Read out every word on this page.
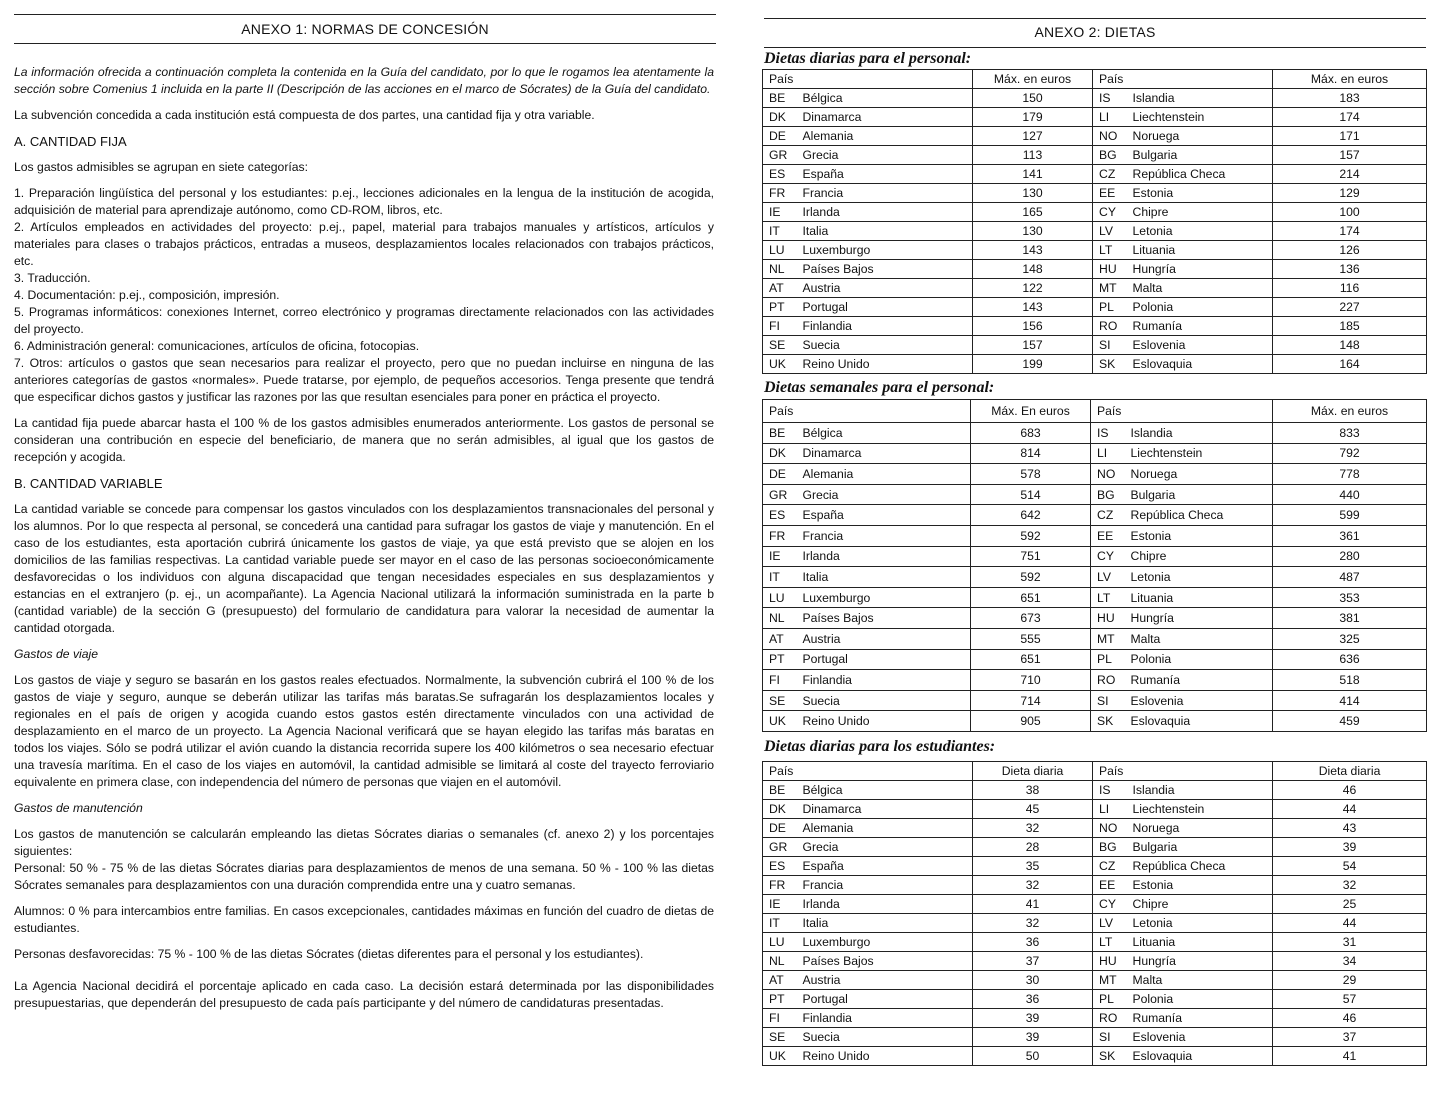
ANEXO 1: NORMAS DE CONCESIÓN

La información ofrecida a continuación completa la contenida en la Guía del candidato, por lo que le rogamos lea atentamente la sección sobre Comenius 1 incluida en la parte II (Descripción de las acciones en el marco de Sócrates) de la Guía del candidato.

La subvención concedida a cada institución está compuesta de dos partes, una cantidad fija y otra variable.

A. CANTIDAD FIJA

Los gastos admisibles se agrupan en siete categorías:

1. Preparación lingüística del personal y los estudiantes: p.ej., lecciones adicionales en la lengua de la institución de acogida, adquisición de material para aprendizaje autónomo, como CD-ROM, libros, etc.

2. Artículos empleados en actividades del proyecto: p.ej., papel, material para trabajos manuales y artísticos, artículos y materiales para clases o trabajos prácticos, entradas a museos, desplazamientos locales relacionados con trabajos prácticos, etc.

3. Traducción.

4. Documentación: p.ej., composición, impresión.

5. Programas informáticos: conexiones Internet, correo electrónico y programas directamente relacionados con las actividades del proyecto.

6. Administración general: comunicaciones, artículos de oficina, fotocopias.

7. Otros: artículos o gastos que sean necesarios para realizar el proyecto, pero que no puedan incluirse en ninguna de las anteriores categorías de gastos «normales». Puede tratarse, por ejemplo, de pequeños accesorios. Tenga presente que tendrá que especificar dichos gastos y justificar las razones por las que resultan esenciales para poner en práctica el proyecto.

La cantidad fija puede abarcar hasta el 100 % de los gastos admisibles enumerados anteriormente. Los gastos de personal se consideran una contribución en especie del beneficiario, de manera que no serán admisibles, al igual que los gastos de recepción y acogida.

B. CANTIDAD VARIABLE

La cantidad variable se concede para compensar los gastos vinculados con los desplazamientos transnacionales del personal y los alumnos. Por lo que respecta al personal, se concederá una cantidad para sufragar los gastos de viaje y manutención. En el caso de los estudiantes, esta aportación cubrirá únicamente los gastos de viaje, ya que está previsto que se alojen en los domicilios de las familias respectivas. La cantidad variable puede ser mayor en el caso de las personas socioeconómicamente desfavorecidas o los individuos con alguna discapacidad que tengan necesidades especiales en sus desplazamientos y estancias en el extranjero (p. ej., un acompañante). La Agencia Nacional utilizará la información suministrada en la parte b (cantidad variable) de la sección G (presupuesto) del formulario de candidatura para valorar la necesidad de aumentar la cantidad otorgada.

Gastos de viaje

Los gastos de viaje y seguro se basarán en los gastos reales efectuados. Normalmente, la subvención cubrirá el 100 % de los gastos de viaje y seguro, aunque se deberán utilizar las tarifas más baratas.Se sufragarán los desplazamientos locales y regionales en el país de origen y acogida cuando estos gastos estén directamente vinculados con una actividad de desplazamiento en el marco de un proyecto. La Agencia Nacional verificará que se hayan elegido las tarifas más baratas en todos los viajes. Sólo se podrá utilizar el avión cuando la distancia recorrida supere los 400 kilómetros o sea necesario efectuar una travesía marítima. En el caso de los viajes en automóvil, la cantidad admisible se limitará al coste del trayecto ferroviario equivalente en primera clase, con independencia del número de personas que viajen en el automóvil.

Gastos de manutención

Los gastos de manutención se calcularán empleando las dietas Sócrates diarias o semanales (cf. anexo 2) y los porcentajes siguientes:

Personal: 50 % - 75 % de las dietas Sócrates diarias para desplazamientos de menos de una semana. 50 % - 100 % las dietas Sócrates semanales para desplazamientos con una duración comprendida entre una y cuatro semanas.

Alumnos: 0 % para intercambios entre familias. En casos excepcionales, cantidades máximas en función del cuadro de dietas de estudiantes.

Personas desfavorecidas: 75 % - 100 % de las dietas Sócrates (dietas diferentes para el personal y los estudiantes).

La Agencia Nacional decidirá el porcentaje aplicado en cada caso. La decisión estará determinada por las disponibilidades presupuestarias, que dependerán del presupuesto de cada país participante y del número de candidaturas presentadas.

ANEXO 2: DIETAS
Dietas diarias para el personal:
País		Máx. en euros	País		Máx. en euros
BE	Bélgica	150	IS	Islandia	183
DK	Dinamarca	179	LI	Liechtenstein	174
DE	Alemania	127	NO	Noruega	171
GR	Grecia	113	BG	Bulgaria	157
ES	España	141	CZ	República Checa	214
FR	Francia	130	EE	Estonia	129
IE	Irlanda	165	CY	Chipre	100
IT	Italia	130	LV	Letonia	174
LU	Luxemburgo	143	LT	Lituania	126
NL	Países Bajos	148	HU	Hungría	136
AT	Austria	122	MT	Malta	116
PT	Portugal	143	PL	Polonia	227
FI	Finlandia	156	RO	Rumanía	185
SE	Suecia	157	SI	Eslovenia	148
UK	Reino Unido	199	SK	Eslovaquia	164
Dietas semanales para el personal:
País		Máx. En euros	País		Máx. en euros
BE	Bélgica	683	IS	Islandia	833
DK	Dinamarca	814	LI	Liechtenstein	792
DE	Alemania	578	NO	Noruega	778
GR	Grecia	514	BG	Bulgaria	440
ES	España	642	CZ	República Checa	599
FR	Francia	592	EE	Estonia	361
IE	Irlanda	751	CY	Chipre	280
IT	Italia	592	LV	Letonia	487
LU	Luxemburgo	651	LT	Lituania	353
NL	Países Bajos	673	HU	Hungría	381
AT	Austria	555	MT	Malta	325
PT	Portugal	651	PL	Polonia	636
FI	Finlandia	710	RO	Rumanía	518
SE	Suecia	714	SI	Eslovenia	414
UK	Reino Unido	905	SK	Eslovaquia	459
Dietas diarias para los estudiantes:
País		Dieta diaria	País		Dieta diaria
BE	Bélgica	38	IS	Islandia	46
DK	Dinamarca	45	LI	Liechtenstein	44
DE	Alemania	32	NO	Noruega	43
GR	Grecia	28	BG	Bulgaria	39
ES	España	35	CZ	República Checa	54
FR	Francia	32	EE	Estonia	32
IE	Irlanda	41	CY	Chipre	25
IT	Italia	32	LV	Letonia	44
LU	Luxemburgo	36	LT	Lituania	31
NL	Países Bajos	37	HU	Hungría	34
AT	Austria	30	MT	Malta	29
PT	Portugal	36	PL	Polonia	57
FI	Finlandia	39	RO	Rumanía	46
SE	Suecia	39	SI	Eslovenia	37
UK	Reino Unido	50	SK	Eslovaquia	41
